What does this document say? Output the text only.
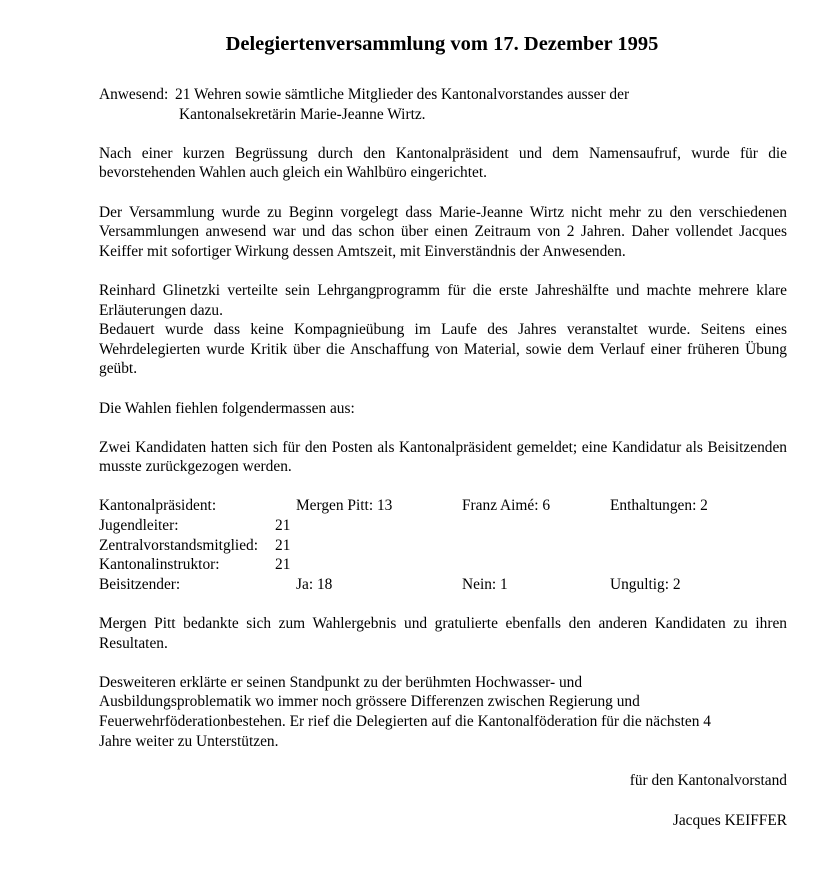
Delegiertenversammlung vom 17. Dezember 1995
Anwesend: 21 Wehren sowie sämtliche Mitglieder des Kantonalvorstandes ausser der
Kantonalsekretärin Marie-Jeanne Wirtz.

Nach einer kurzen Begrüssung durch den Kantonalpräsident und dem Namensaufruf, wurde für die bevorstehenden Wahlen auch gleich ein Wahlbüro eingerichtet.

Der Versammlung wurde zu Beginn vorgelegt dass Marie-Jeanne Wirtz nicht mehr zu den verschiedenen Versammlungen anwesend war und das schon über einen Zeitraum von 2 Jahren. Daher vollendet Jacques Keiffer mit sofortiger Wirkung dessen Amtszeit, mit Einverständnis der Anwesenden.

Reinhard Glinetzki verteilte sein Lehrgangprogramm für die erste Jahreshälfte und machte mehrere klare Erläuterungen dazu.

Bedauert wurde dass keine Kompagnieübung im Laufe des Jahres veranstaltet wurde. Seitens eines Wehrdelegierten wurde Kritik über die Anschaffung von Material, sowie dem Verlauf einer früheren Übung geübt.

Die Wahlen fiehlen folgendermassen aus:

Zwei Kandidaten hatten sich für den Posten als Kantonalpräsident gemeldet; eine Kandidatur als Beisitzenden musste zurückgezogen werden.

Kantonalpräsident:	Mergen Pitt: 13	Franz Aimé: 6	Enthaltungen: 2
Jugendleiter:	21
Zentralvorstandsmitglied: 21
Kantonalinstruktor:	21
Beisitzender:	Ja: 18	Nein: 1	Ungultig: 2

Mergen Pitt bedankte sich zum Wahlergebnis und gratulierte ebenfalls den anderen Kandidaten zu ihren Resultaten.

Desweiteren erklärte er seinen Standpunkt zu der berühmten Hochwasser- und
Ausbildungsproblematik wo immer noch grössere Differenzen zwischen Regierung und
Feuerwehrföderationbestehen. Er rief die Delegierten auf die Kantonalföderation für die nächsten 4
Jahre weiter zu Unterstützen.
für den Kantonalvorstand
Jacques KEIFFER
